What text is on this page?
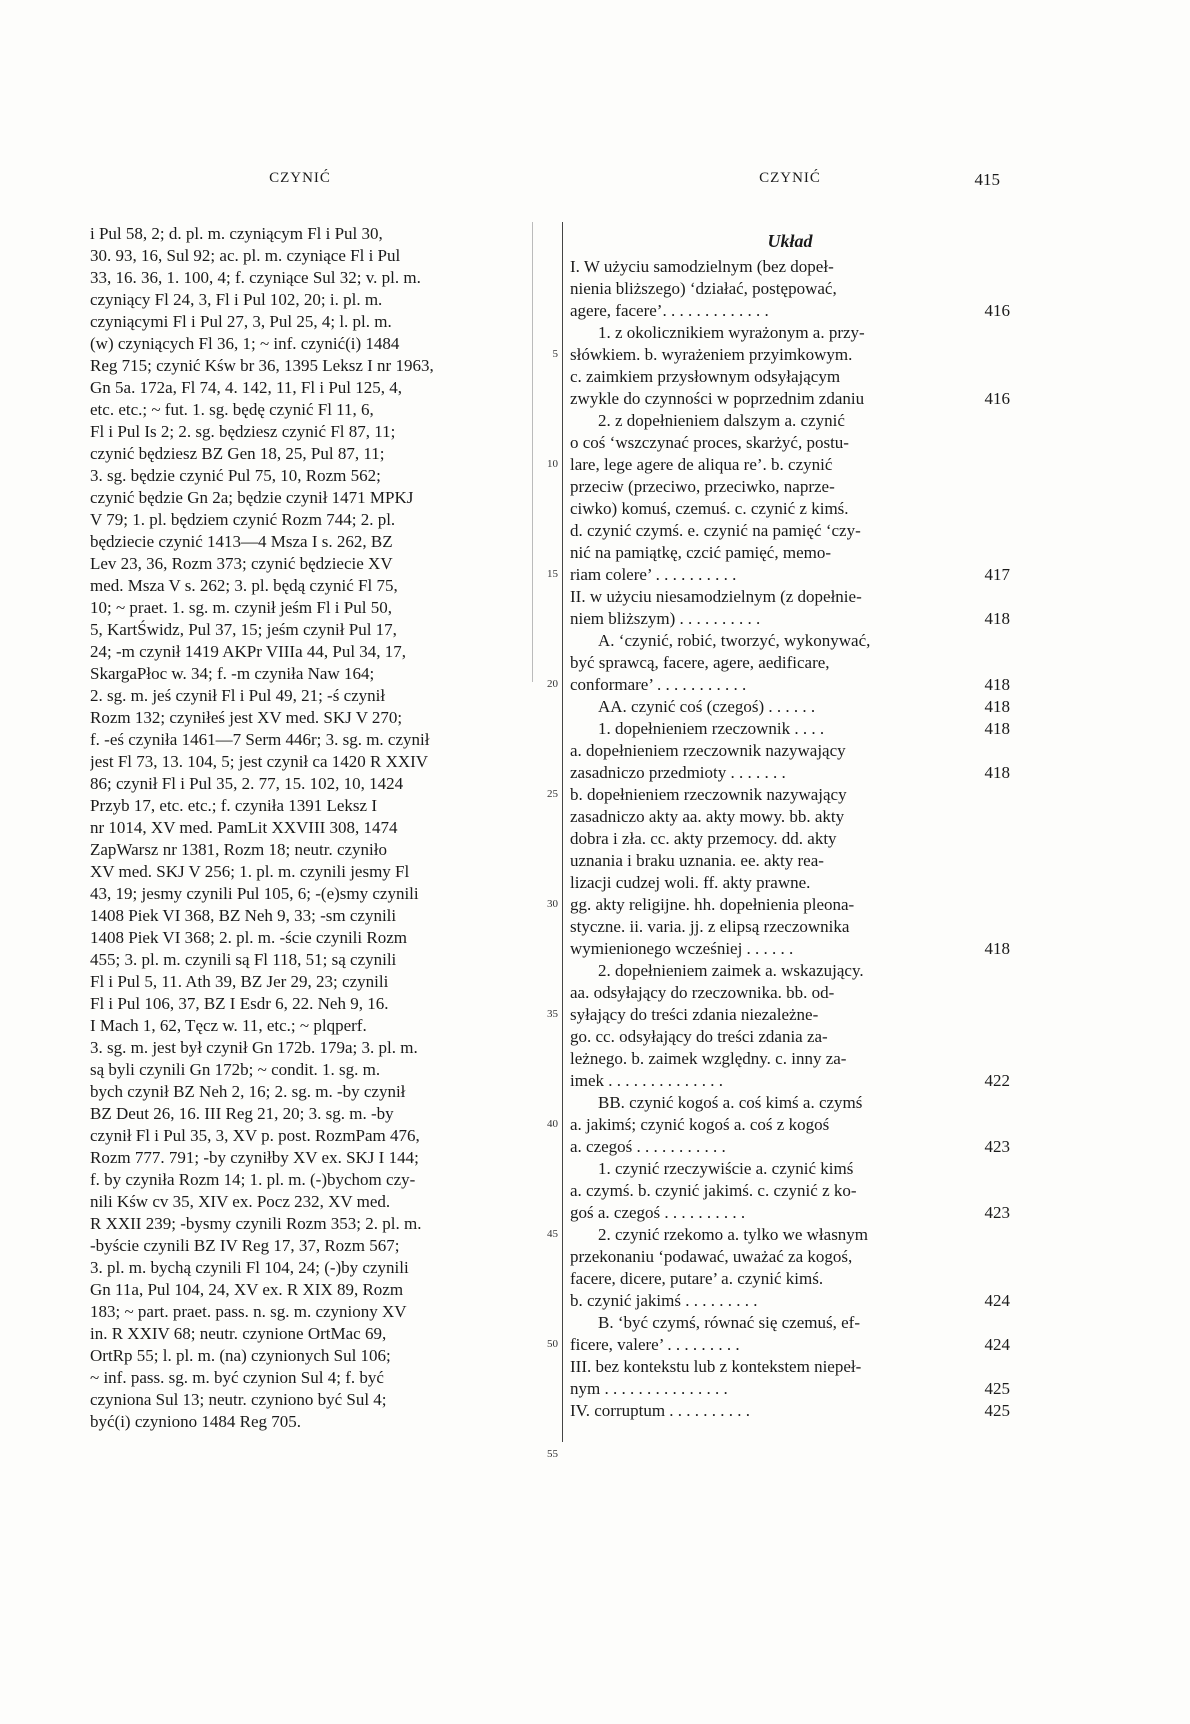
CZYNIĆ	CZYNIĆ	415
i Pul 58, 2; d. pl. m. czyniącym Fl i Pul 30,
30. 93, 16, Sul 92; ac. pl. m. czyniące Fl i Pul
33, 16. 36, 1. 100, 4; f. czyniące Sul 32; v. pl. m.
czyniący Fl 24, 3, Fl i Pul 102, 20; i. pl. m.
czyniącymi Fl i Pul 27, 3, Pul 25, 4; l. pl. m.
(w) czyniących Fl 36, 1; ~ inf. czynić(i) 1484
Reg 715; czynić Kśw br 36, 1395 Leksz I nr 1963,
Gn 5a. 172a, Fl 74, 4. 142, 11, Fl i Pul 125, 4,
etc. etc.; ~ fut. 1. sg. będę czynić Fl 11, 6,
Fl i Pul Is 2; 2. sg. będziesz czynić Fl 87, 11;
czynić będziesz BZ Gen 18, 25, Pul 87, 11;
3. sg. będzie czynić Pul 75, 10, Rozm 562;
czynić będzie Gn 2a; będzie czynił 1471 MPKJ
V 79; 1. pl. będziem czynić Rozm 744; 2. pl.
będziecie czynić 1413—4 Msza I s. 262, BZ
Lev 23, 36, Rozm 373; czynić będziecie XV
med. Msza V s. 262; 3. pl. będą czynić Fl 75,
10; ~ praet. 1. sg. m. czynił jeśm Fl i Pul 50,
5, KartŚwidz, Pul 37, 15; jeśm czynił Pul 17,
24; -m czynił 1419 AKPr VIIIa 44, Pul 34, 17,
SkargaPłoc w. 34; f. -m czyniła Naw 164;
2. sg. m. jeś czynił Fl i Pul 49, 21; -ś czynił
Rozm 132; czyniłeś jest XV med. SKJ V 270;
f. -eś czyniła 1461—7 Serm 446r; 3. sg. m. czynił
jest Fl 73, 13. 104, 5; jest czynił ca 1420 R XXIV
86; czynił Fl i Pul 35, 2. 77, 15. 102, 10, 1424
Przyb 17, etc. etc.; f. czyniła 1391 Leksz I
nr 1014, XV med. PamLit XXVIII 308, 1474
ZapWarsz nr 1381, Rozm 18; neutr. czyniło
XV med. SKJ V 256; 1. pl. m. czynili jesmy Fl
43, 19; jesmy czynili Pul 105, 6; -(e)smy czynili
1408 Piek VI 368, BZ Neh 9, 33; -sm czynili
1408 Piek VI 368; 2. pl. m. -ście czynili Rozm
455; 3. pl. m. czynili są Fl 118, 51; są czynili
Fl i Pul 5, 11. Ath 39, BZ Jer 29, 23; czynili
Fl i Pul 106, 37, BZ I Esdr 6, 22. Neh 9, 16.
I Mach 1, 62, Tęcz w. 11, etc.; ~ plqperf.
3. sg. m. jest był czynił Gn 172b. 179a; 3. pl. m.
są byli czynili Gn 172b; ~ condit. 1. sg. m.
bych czynił BZ Neh 2, 16; 2. sg. m. -by czynił
BZ Deut 26, 16. III Reg 21, 20; 3. sg. m. -by
czynił Fl i Pul 35, 3, XV p. post. RozmPam 476,
Rozm 777. 791; -by czyniłby XV ex. SKJ I 144;
f. by czyniła Rozm 14; 1. pl. m. (-)bychom czy-
nili Kśw cv 35, XIV ex. Pocz 232, XV med.
R XXII 239; -bysmy czynili Rozm 353; 2. pl. m.
-byście czynili BZ IV Reg 17, 37, Rozm 567;
3. pl. m. bychą czynili Fl 104, 24; (-)by czynili
Gn 11a, Pul 104, 24, XV ex. R XIX 89, Rozm
183; ~ part. praet. pass. n. sg. m. czyniony XV
in. R XXIV 68; neutr. czynione OrtMac 69,
OrtRp 55; l. pl. m. (na) czynionych Sul 106;
~ inf. pass. sg. m. być czynion Sul 4; f. być
czyniona Sul 13; neutr. czyniono być Sul 4;
być(i) czyniono 1484 Reg 705.
5
10
15
20
25
30
35
40
45
50
55
Układ
I. W użyciu samodzielnym (bez dopeł-
nienia bliższego) ‘działać, postępować,
agere, facere’. . . . . . . . . . . . .	416
1. z okolicznikiem wyrażonym a. przy-
słówkiem. b. wyrażeniem przyimkowym.
c. zaimkiem przysłownym odsyłającym
zwykle do czynności w poprzednim zdaniu	416
2. z dopełnieniem dalszym a. czynić
o coś ‘wszczynać proces, skarżyć, postu-
lare, lege agere de aliqua re’. b. czynić
przeciw (przeciwo, przeciwko, naprze-
ciwko) komuś, czemuś. c. czynić z kimś.
d. czynić czymś. e. czynić na pamięć ‘czy-
nić na pamiątkę, czcić pamięć, memo-
riam colere’ . . . . . . . . . .	417
II. w użyciu niesamodzielnym (z dopełnie-
niem bliższym) . . . . . . . . . .	418
A. ‘czynić, robić, tworzyć, wykonywać,
być sprawcą, facere, agere, aedificare,
conformare’ . . . . . . . . . . .	418
AA. czynić coś (czegoś) . . . . . .	418
1. dopełnieniem rzeczownik . . . .	418
a. dopełnieniem rzeczownik nazywający
zasadniczo przedmioty . . . . . . .	418
b. dopełnieniem rzeczownik nazywający
zasadniczo akty aa. akty mowy. bb. akty
dobra i zła. cc. akty przemocy. dd. akty
uznania i braku uznania. ee. akty rea-
lizacji cudzej woli. ff. akty prawne.
gg. akty religijne. hh. dopełnienia pleona-
styczne. ii. varia. jj. z elipsą rzeczownika
wymienionego wcześniej . . . . . .	418
2. dopełnieniem zaimek a. wskazujący.
aa. odsyłający do rzeczownika. bb. od-
syłający do treści zdania niezależne-
go. cc. odsyłający do treści zdania za-
leżnego. b. zaimek względny. c. inny za-
imek . . . . . . . . . . . . . .	422
BB. czynić kogoś a. coś kimś a. czymś
a. jakimś; czynić kogoś a. coś z kogoś
a. czegoś . . . . . . . . . . .	423
1. czynić rzeczywiście a. czynić kimś
a. czymś. b. czynić jakimś. c. czynić z ko-
goś a. czegoś . . . . . . . . . .	423
2. czynić rzekomo a. tylko we własnym
przekonaniu ‘podawać, uważać za kogoś,
facere, dicere, putare’ a. czynić kimś.
b. czynić jakimś . . . . . . . . .	424
B. ‘być czymś, równać się czemuś, ef-
ficere, valere’ . . . . . . . . .	424
III. bez kontekstu lub z kontekstem niepeł-
nym . . . . . . . . . . . . . . .	425
IV. corruptum . . . . . . . . . .	425
